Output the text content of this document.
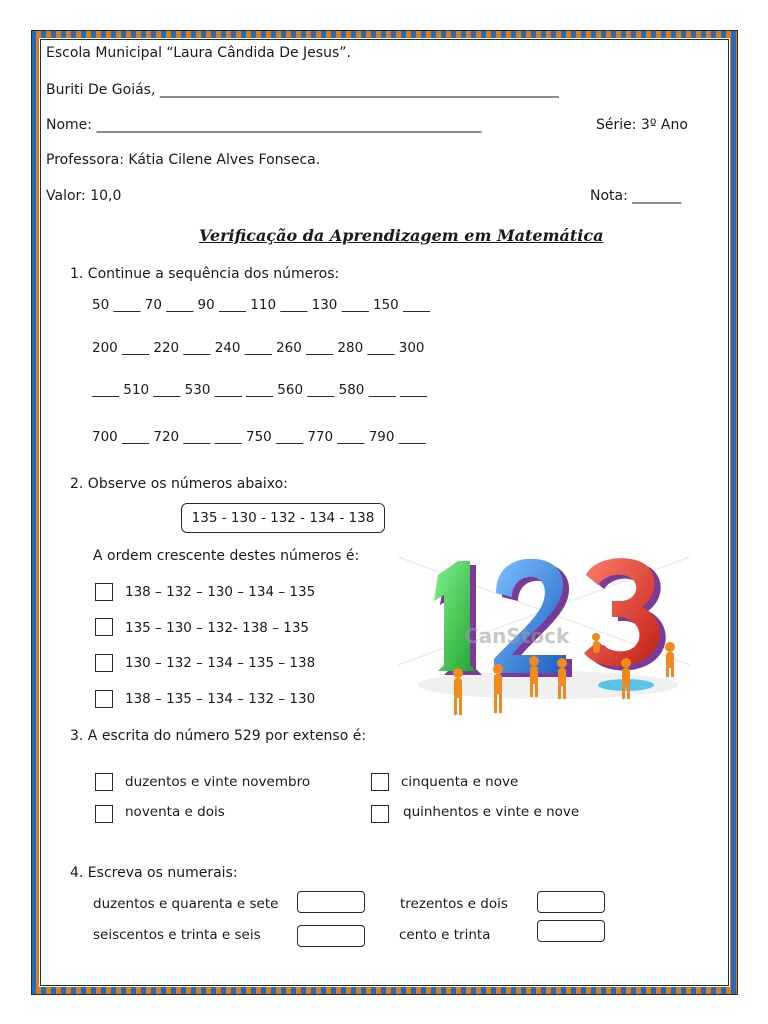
Escola Municipal “Laura Cândida De Jesus”.
Buriti De Goiás, _________________________________________________________
Nome: _______________________________________________________	Série: 3º Ano
Professora: Kátia Cilene Alves Fonseca.
Valor: 10,0	Nota: _______
Verificação da Aprendizagem em Matemática
1. Continue a sequência dos números:
50 ____ 70 ____ 90 ____ 110 ____ 130 ____ 150 ____
200 ____ 220 ____ 240 ____ 260 ____ 280 ____ 300
____ 510 ____ 530 ____ ____ 560 ____ 580 ____ ____
700 ____ 720 ____ ____ 750 ____ 770 ____ 790 ____
2. Observe os números abaixo:
135 - 130 - 132 - 134 - 138
A ordem crescente destes números é:
138 – 132 – 130 – 134 – 135
135 – 130 – 132- 138 – 135
130 – 132 – 134 – 135 – 138
138 – 135 – 134 – 132 – 130
CanStock
3. A escrita do número 529 por extenso é:
duzentos e vinte novembro	cinquenta e nove
noventa e dois	quinhentos e vinte e nove
4. Escreva os numerais:
duzentos e quarenta e sete	trezentos e dois
seiscentos e trinta e seis	cento e trinta
